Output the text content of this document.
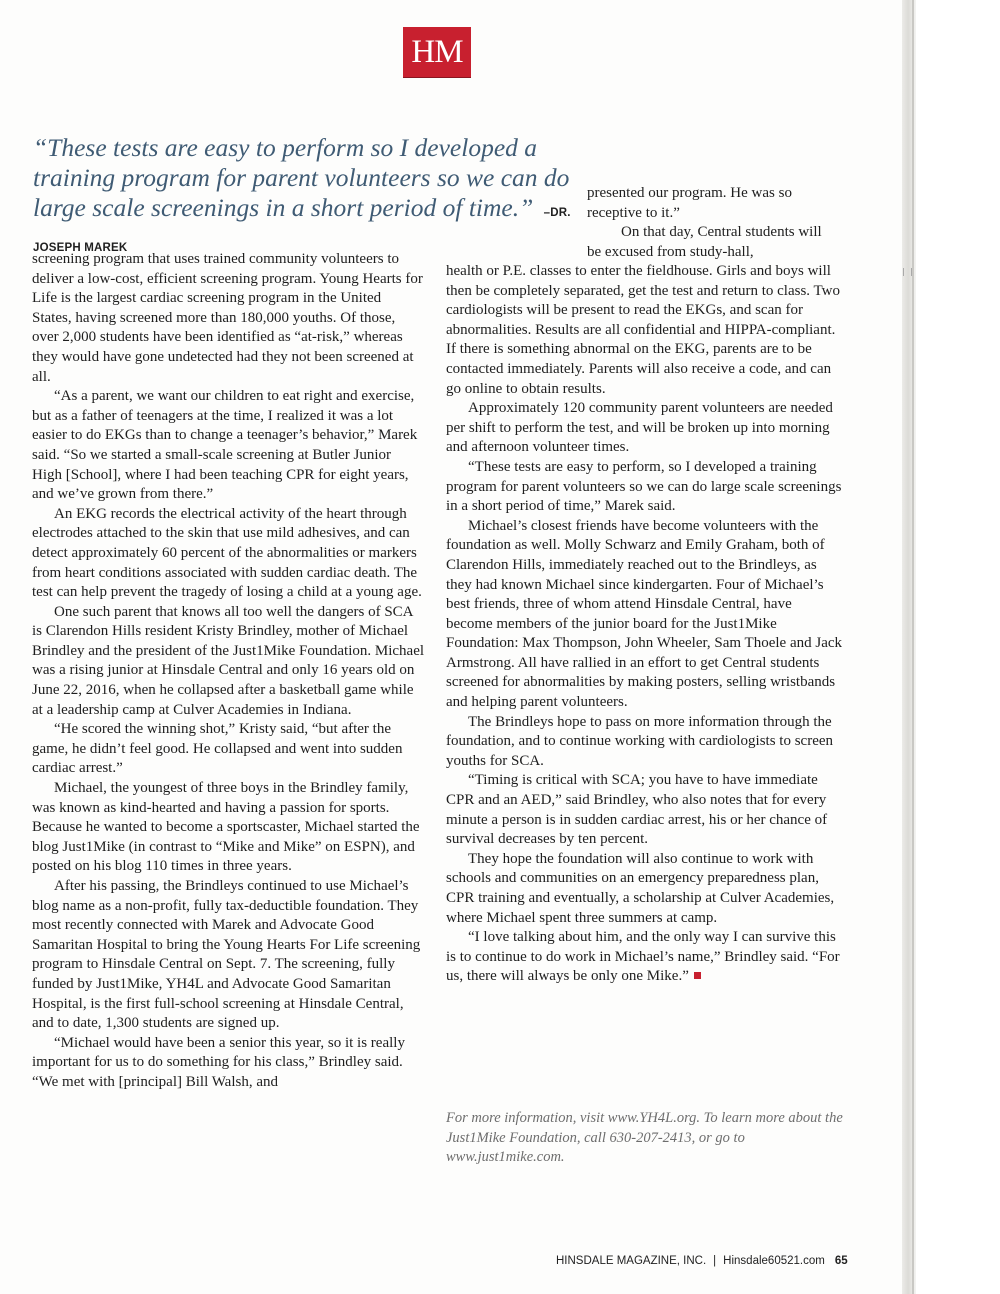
HM
“These tests are easy to perform so I developed a training program for parent volunteers so we can do large scale screenings in a short period of time.” –DR. JOSEPH MAREK

presented our program. He was so receptive to it.”

On that day, Central students will be excused from study-hall,

screening program that uses trained community volunteers to deliver a low-cost, efficient screening program. Young Hearts for Life is the largest cardiac screening program in the United States, having screened more than 180,000 youths. Of those, over 2,000 students have been identified as “at-risk,” whereas they would have gone undetected had they not been screened at all.

“As a parent, we want our children to eat right and exercise, but as a father of teenagers at the time, I realized it was a lot easier to do EKGs than to change a teenager’s behavior,” Marek said. “So we started a small-scale screening at Butler Junior High [School], where I had been teaching CPR for eight years, and we’ve grown from there.”

An EKG records the electrical activity of the heart through electrodes attached to the skin that use mild adhesives, and can detect approximately 60 percent of the abnormalities or markers from heart conditions associated with sudden cardiac death. The test can help prevent the tragedy of losing a child at a young age.

One such parent that knows all too well the dangers of SCA is Clarendon Hills resident Kristy Brindley, mother of Michael Brindley and the president of the Just1Mike Foundation. Michael was a rising junior at Hinsdale Central and only 16 years old on June 22, 2016, when he collapsed after a basketball game while at a leadership camp at Culver Academies in Indiana.

“He scored the winning shot,” Kristy said, “but after the game, he didn’t feel good. He collapsed and went into sudden cardiac arrest.”

Michael, the youngest of three boys in the Brindley family, was known as kind-hearted and having a passion for sports. Because he wanted to become a sportscaster, Michael started the blog Just1Mike (in contrast to “Mike and Mike” on ESPN), and posted on his blog 110 times in three years.

After his passing, the Brindleys continued to use Michael’s blog name as a non-profit, fully tax-deductible foundation. They most recently connected with Marek and Advocate Good Samaritan Hospital to bring the Young Hearts For Life screening program to Hinsdale Central on Sept. 7. The screening, fully funded by Just1Mike, YH4L and Advocate Good Samaritan Hospital, is the first full-school screening at Hinsdale Central, and to date, 1,300 students are signed up.

“Michael would have been a senior this year, so it is really important for us to do something for his class,” Brindley said. “We met with [principal] Bill Walsh, and

health or P.E. classes to enter the fieldhouse. Girls and boys will then be completely separated, get the test and return to class. Two cardiologists will be present to read the EKGs, and scan for abnormalities. Results are all confidential and HIPPA-compliant. If there is something abnormal on the EKG, parents are to be contacted immediately. Parents will also receive a code, and can go online to obtain results.

Approximately 120 community parent volunteers are needed per shift to perform the test, and will be broken up into morning and afternoon volunteer times.

“These tests are easy to perform, so I developed a training program for parent volunteers so we can do large scale screenings in a short period of time,” Marek said.

Michael’s closest friends have become volunteers with the foundation as well. Molly Schwarz and Emily Graham, both of Clarendon Hills, immediately reached out to the Brindleys, as they had known Michael since kindergarten. Four of Michael’s best friends, three of whom attend Hinsdale Central, have become members of the junior board for the Just1Mike Foundation: Max Thompson, John Wheeler, Sam Thoele and Jack Armstrong. All have rallied in an effort to get Central students screened for abnormalities by making posters, selling wristbands and helping parent volunteers.

The Brindleys hope to pass on more information through the foundation, and to continue working with cardiologists to screen youths for SCA.

“Timing is critical with SCA; you have to have immediate CPR and an AED,” said Brindley, who also notes that for every minute a person is in sudden cardiac arrest, his or her chance of survival decreases by ten percent.

They hope the foundation will also continue to work with schools and communities on an emergency preparedness plan, CPR training and eventually, a scholarship at Culver Academies, where Michael spent three summers at camp.

“I love talking about him, and the only way I can survive this is to continue to do work in Michael’s name,” Brindley said. “For us, there will always be only one Mike.”

For more information, visit www.YH4L.org. To learn more about the Just1Mike Foundation, call 630-207-2413, or go to www.just1mike.com.
HINSDALE MAGAZINE, INC. | Hinsdale60521.com 65
